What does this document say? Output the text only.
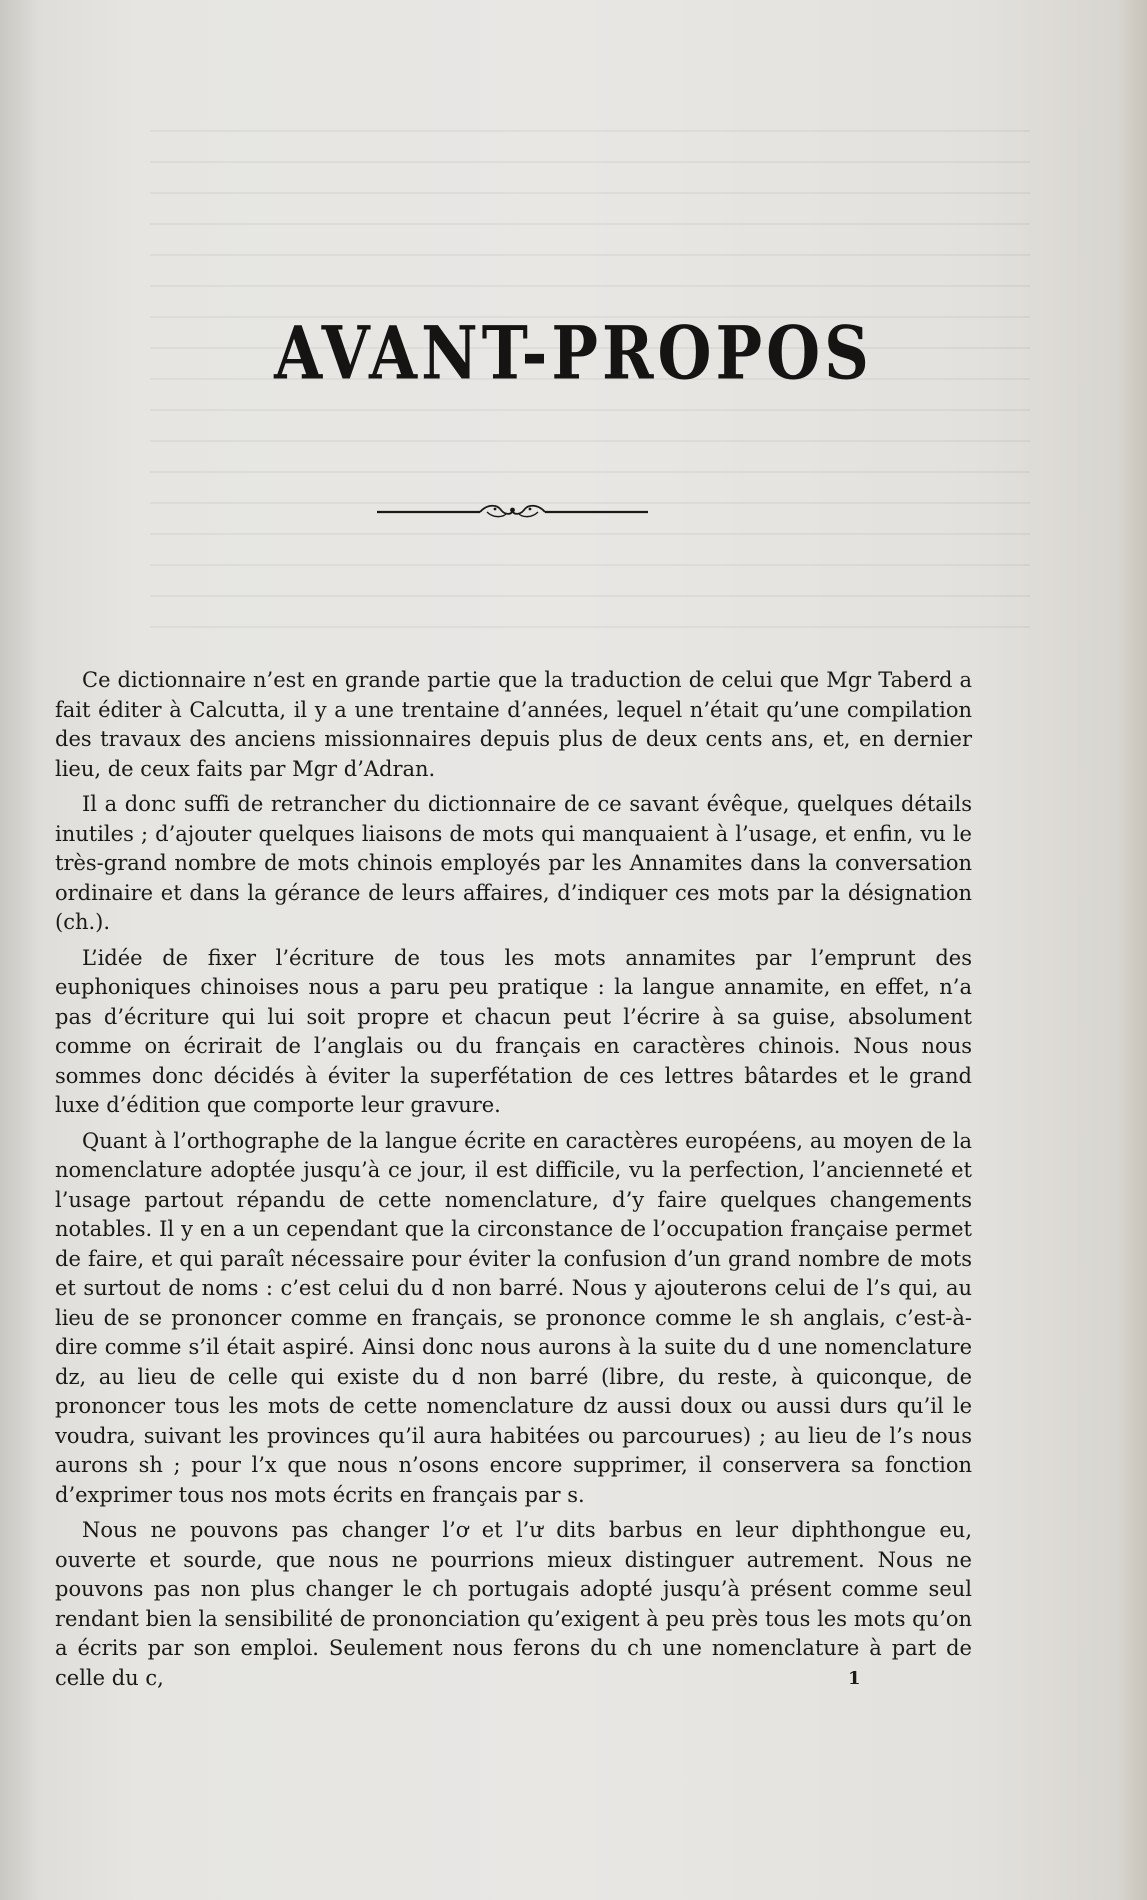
AVANT-PROPOS

Ce dictionnaire n’est en grande partie que la traduction de celui que Mgr Taberd a fait éditer à Calcutta, il y a une trentaine d’années, lequel n’était qu’une compilation des travaux des anciens missionnaires depuis plus de deux cents ans, et, en dernier lieu, de ceux faits par Mgr d’Adran.

Il a donc suffi de retrancher du dictionnaire de ce savant évêque, quelques détails inutiles ; d’ajouter quelques liaisons de mots qui manquaient à l’usage, et enfin, vu le très-grand nombre de mots chinois employés par les Annamites dans la conversation ordinaire et dans la gérance de leurs affaires, d’indiquer ces mots par la désignation (ch.).

L’idée de fixer l’écriture de tous les mots annamites par l’emprunt des euphoniques chinoises nous a paru peu pratique : la langue annamite, en effet, n’a pas d’écriture qui lui soit propre et chacun peut l’écrire à sa guise, absolument comme on écrirait de l’anglais ou du français en caractères chinois. Nous nous sommes donc décidés à éviter la superfétation de ces lettres bâtardes et le grand luxe d’édition que comporte leur gravure.

Quant à l’orthographe de la langue écrite en caractères européens, au moyen de la nomenclature adoptée jusqu’à ce jour, il est difficile, vu la perfection, l’ancienneté et l’usage partout répandu de cette nomenclature, d’y faire quelques changements notables. Il y en a un cependant que la circonstance de l’occupation française permet de faire, et qui paraît nécessaire pour éviter la confusion d’un grand nombre de mots et surtout de noms : c’est celui du d non barré. Nous y ajouterons celui de l’s qui, au lieu de se prononcer comme en français, se prononce comme le sh anglais, c’est-à-dire comme s’il était aspiré. Ainsi donc nous aurons à la suite du d une nomenclature dz, au lieu de celle qui existe du d non barré (libre, du reste, à quiconque, de prononcer tous les mots de cette nomenclature dz aussi doux ou aussi durs qu’il le voudra, suivant les provinces qu’il aura habitées ou parcourues) ; au lieu de l’s nous aurons sh ; pour l’x que nous n’osons encore supprimer, il conservera sa fonction d’exprimer tous nos mots écrits en français par s.

Nous ne pouvons pas changer l’ơ et l’ư dits barbus en leur diphthongue eu, ouverte et sourde, que nous ne pourrions mieux distinguer autrement. Nous ne pouvons pas non plus changer le ch portugais adopté jusqu’à présent comme seul rendant bien la sensibilité de prononciation qu’exigent à peu près tous les mots qu’on a écrits par son emploi. Seulement nous ferons du ch une nomenclature à part de celle du c,	1
